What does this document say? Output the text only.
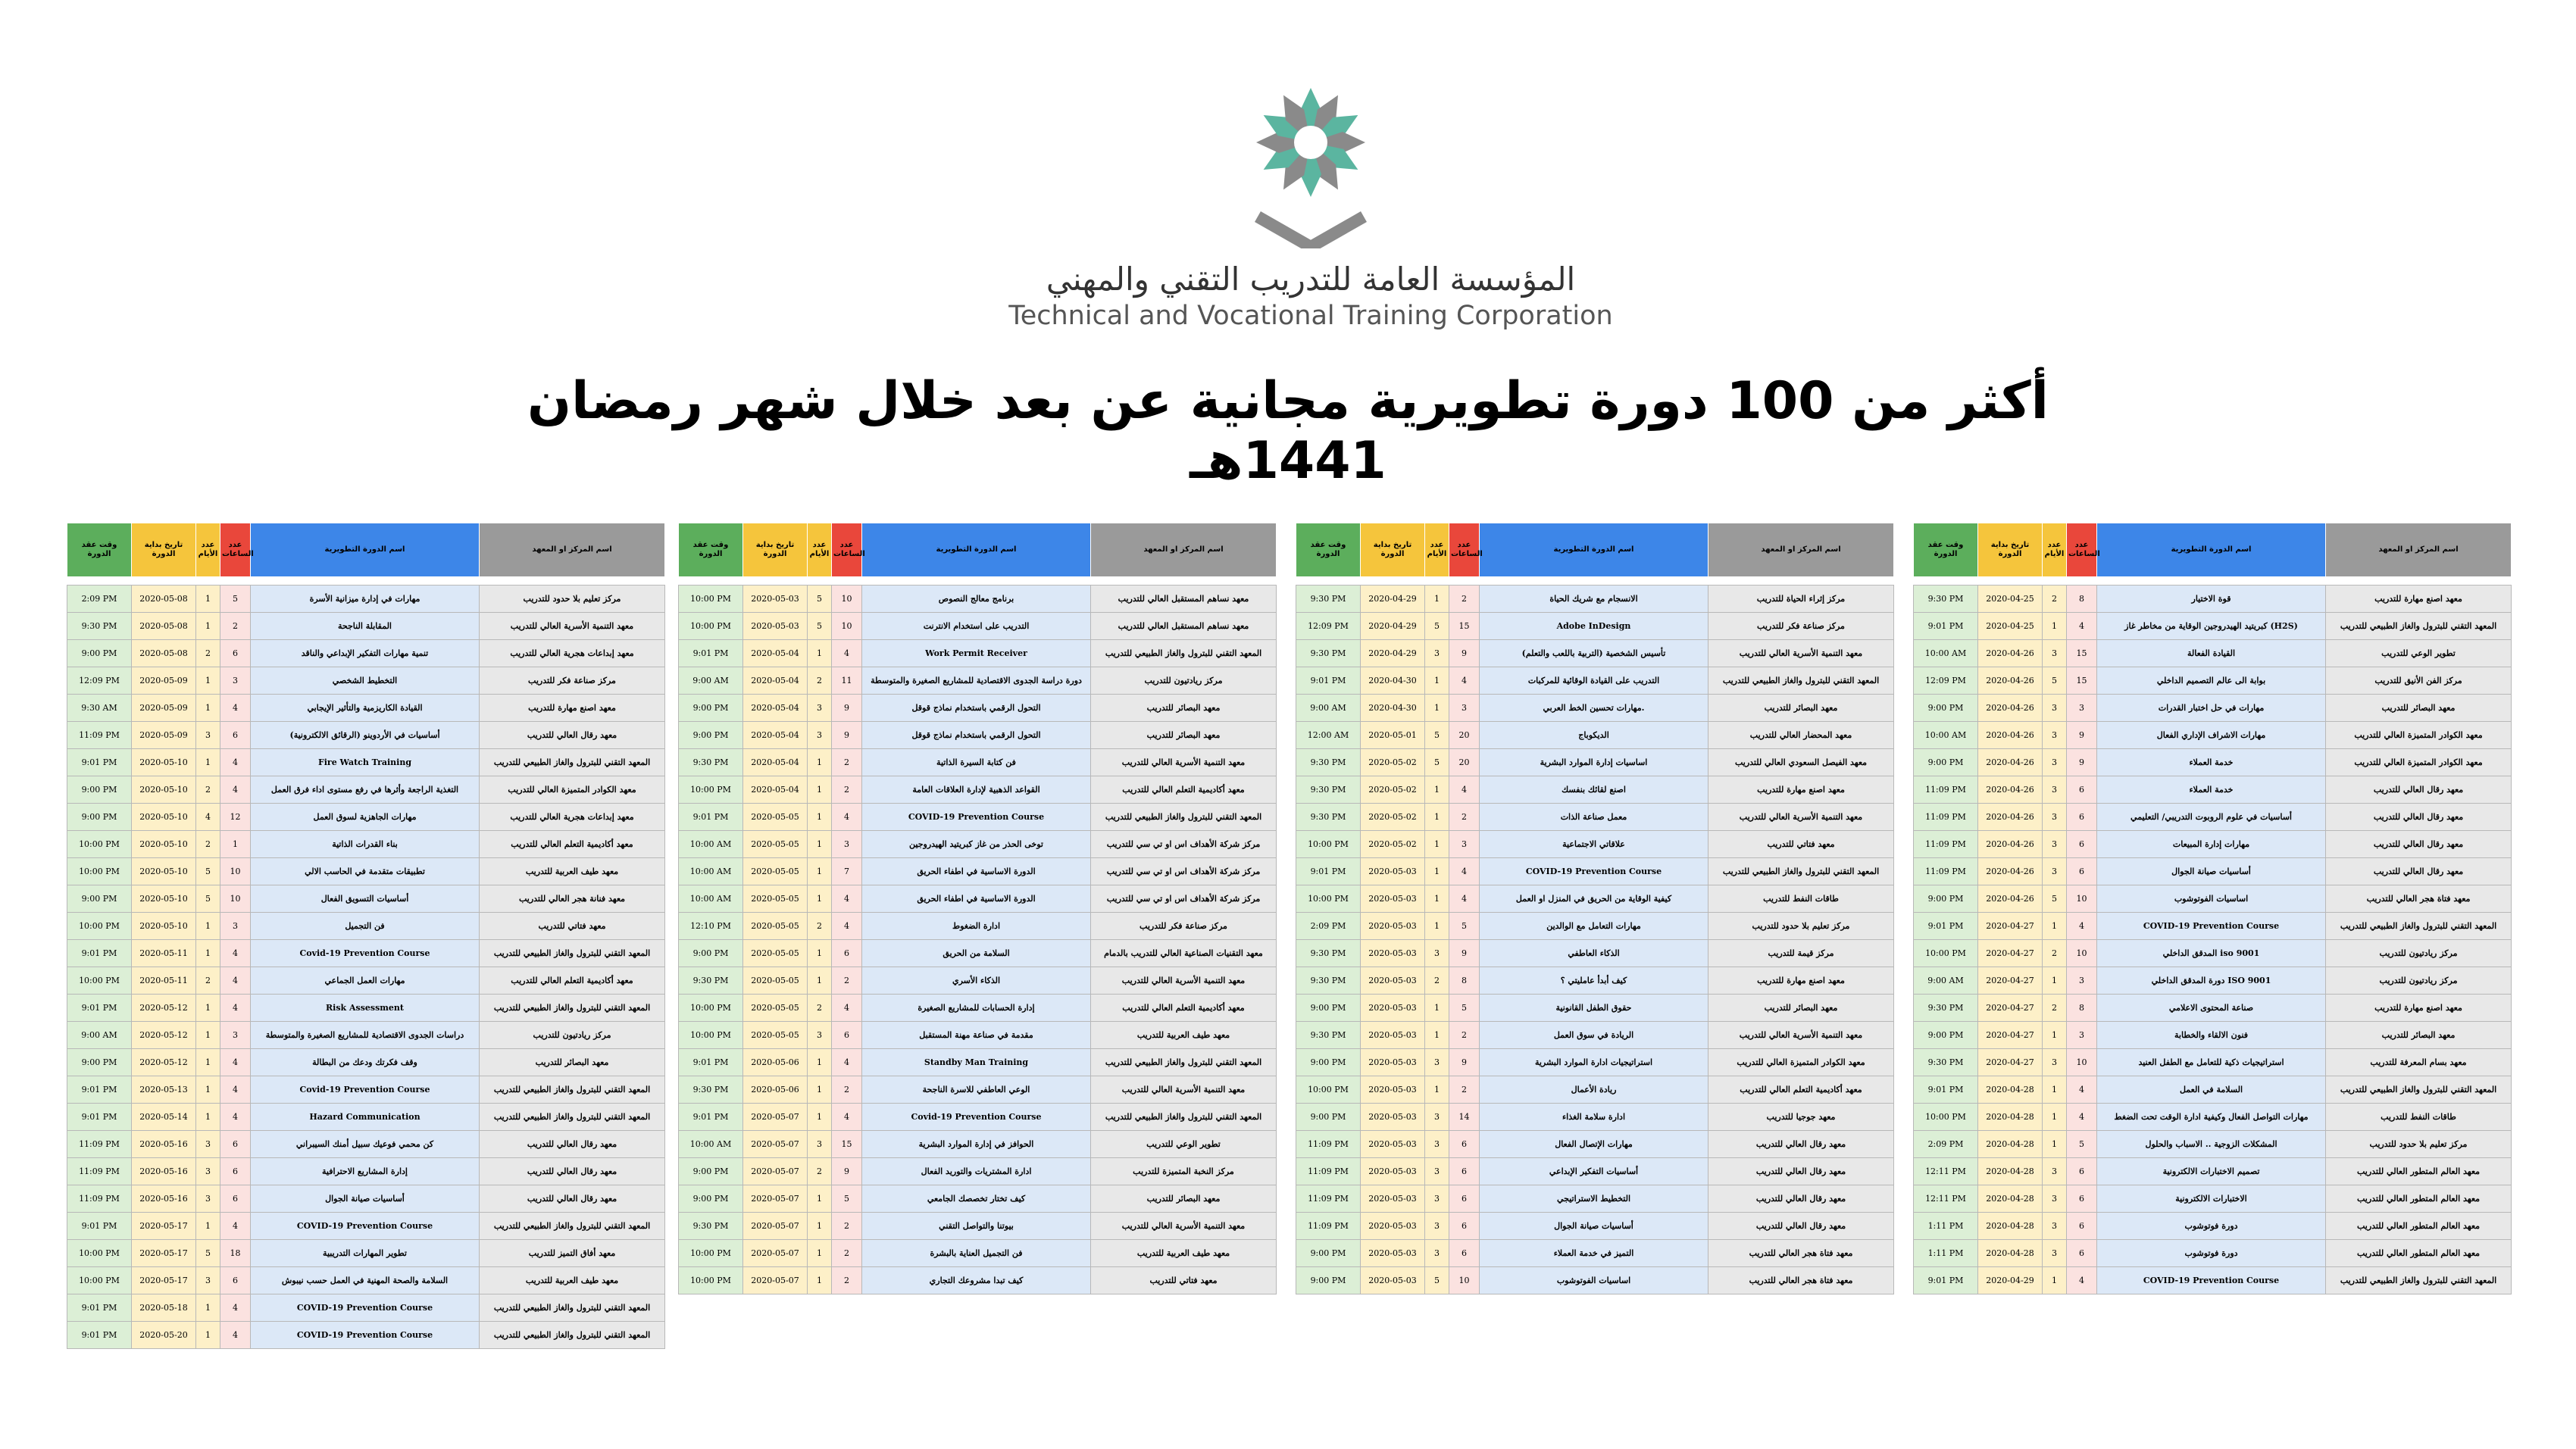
المؤسسة العامة للتدريب التقني والمهني
Technical and Vocational Training Corporation
أكثر من 100 دورة تطويرية مجانية عن بعد خلال شهر رمضان 1441هـ
وقت عقد الدورة	تاريخ بداية الدورة	عدد الأيام	عدد الساعات	اسم الدورة التطويرية	اسم المركز او المعهد

2:09 PM	2020-05-08	1	5	مهارات في إدارة ميزانية الأسرة	مركز تعليم بلا حدود للتدريب
9:30 PM	2020-05-08	1	2	المقابلة الناجحة	معهد التنمية الأسرية العالي للتدريب
9:00 PM	2020-05-08	2	6	تنمية مهارات التفكير الإبداعي والناقد	معهد إبداعات هجرية العالي للتدريب
12:09 PM	2020-05-09	1	3	التخطيط الشخصي	مركز صناعة فكر للتدريب
9:30 AM	2020-05-09	1	4	القيادة الكاريزمية والتأثير الإيجابي	معهد اصنع مهارة للتدريب
11:09 PM	2020-05-09	3	6	أساسيات في الأردوينو (الرقائق الالكترونية)	معهد رقال العالي للتدريب
9:01 PM	2020-05-10	1	4	Fire Watch Training	المعهد التقني للبترول والغاز الطبيعي للتدريب
9:00 PM	2020-05-10	2	4	التغذية الراجعة وأثرها في رفع مستوى اداء فرق العمل	معهد الكوادر المتميزة العالي للتدريب
9:00 PM	2020-05-10	4	12	مهارات الجاهزية لسوق العمل	معهد إبداعات هجرية العالي للتدريب
10:00 PM	2020-05-10	2	1	بناء القدرات الذاتية	معهد أكاديمية التعلم العالي للتدريب
10:00 PM	2020-05-10	5	10	تطبيقات متقدمة في الحاسب الالي	معهد طيف العربية للتدريب
9:00 PM	2020-05-10	5	10	أساسيات التسويق الفعال	معهد فنانة هجر العالي للتدريب
10:00 PM	2020-05-10	1	3	فن التجميل	معهد فتاتي للتدريب
9:01 PM	2020-05-11	1	4	Covid-19 Prevention Course	المعهد التقني للبترول والغاز الطبيعي للتدريب
10:00 PM	2020-05-11	2	4	مهارات العمل الجماعي	معهد أكاديمية التعلم العالي للتدريب
9:01 PM	2020-05-12	1	4	Risk Assessment	المعهد التقني للبترول والغاز الطبيعي للتدريب
9:00 AM	2020-05-12	1	3	دراسات الجدوى الاقتصادية للمشاريع الصغيرة والمتوسطة	مركز ريادتيون للتدريب
9:00 PM	2020-05-12	1	4	وقف فكرتك ودعك من البطالة	معهد البصائر للتدريب
9:01 PM	2020-05-13	1	4	Covid-19 Prevention Course	المعهد التقني للبترول والغاز الطبيعي للتدريب
9:01 PM	2020-05-14	1	4	Hazard Communication	المعهد التقني للبترول والغاز الطبيعي للتدريب
11:09 PM	2020-05-16	3	6	كن محمي فوعيك سبيل أمنك السيبراني	معهد رقال العالي للتدريب
11:09 PM	2020-05-16	3	6	إدارة المشاريع الاحترافية	معهد رقال العالي للتدريب
11:09 PM	2020-05-16	3	6	أساسيات صيانة الجوال	معهد رقال العالي للتدريب
9:01 PM	2020-05-17	1	4	COVID-19 Prevention Course	المعهد التقني للبترول والغاز الطبيعي للتدريب
10:00 PM	2020-05-17	5	18	تطوير المهارات التدريبية	معهد أفاق التميز للتدريب
10:00 PM	2020-05-17	3	6	السلامة والصحة المهنية في العمل حسب نيبوش	معهد طيف العربية للتدريب
9:01 PM	2020-05-18	1	4	COVID-19 Prevention Course	المعهد التقني للبترول والغاز الطبيعي للتدريب
9:01 PM	2020-05-20	1	4	COVID-19 Prevention Course	المعهد التقني للبترول والغاز الطبيعي للتدريب
وقت عقد الدورة	تاريخ بداية الدورة	عدد الأيام	عدد الساعات	اسم الدورة التطويرية	اسم المركز او المعهد

10:00 PM	2020-05-03	5	10	برنامج معالج النصوص	معهد نساهم المستقبل العالي للتدريب
10:00 PM	2020-05-03	5	10	التدريب على استخدام الانترنت	معهد نساهم المستقبل العالي للتدريب
9:01 PM	2020-05-04	1	4	Work Permit Receiver	المعهد التقني للبترول والغاز الطبيعي للتدريب
9:00 AM	2020-05-04	2	11	دورة دراسة الجدوى الاقتصادية للمشاريع الصغيرة والمتوسطة	مركز ريادتيون للتدريب
9:00 PM	2020-05-04	3	9	التحول الرقمي باستخدام نماذج قوقل	معهد البصائر للتدريب
9:00 PM	2020-05-04	3	9	التحول الرقمي باستخدام نماذج قوقل	معهد البصائر للتدريب
9:30 PM	2020-05-04	1	2	فن كتابة السيرة الذاتية	معهد التنمية الأسرية العالي للتدريب
10:00 PM	2020-05-04	1	2	القواعد الذهبية لإدارة العلاقات العامة	معهد أكاديمية التعلم العالي للتدريب
9:01 PM	2020-05-05	1	4	COVID-19 Prevention Course	المعهد التقني للبترول والغاز الطبيعي للتدريب
10:00 AM	2020-05-05	1	3	توخى الحذر من غاز كبريتيد الهيدروجين	مركز شركة الأهداف اس او تي سي للتدريب
10:00 AM	2020-05-05	1	7	الدورة الاساسية في اطفاء الحريق	مركز شركة الأهداف اس او تي سي للتدريب
10:00 AM	2020-05-05	1	4	الدورة الاساسية في اطفاء الحريق	مركز شركة الأهداف اس او تي سي للتدريب
12:10 PM	2020-05-05	2	4	ادارة الضغوط	مركز صناعة فكر للتدريب
9:00 PM	2020-05-05	1	6	السلامة من الحريق	معهد التقنيات الصناعية العالي للتدريب بالدمام
9:30 PM	2020-05-05	1	2	الذكاء الأسري	معهد التنمية الأسرية العالي للتدريب
10:00 PM	2020-05-05	2	4	إدارة الحسابات للمشاريع الصغيرة	معهد أكاديمية التعلم العالي للتدريب
10:00 PM	2020-05-05	3	6	مقدمة في صناعة مهنة المستقبل	معهد طيف العربية للتدريب
9:01 PM	2020-05-06	1	4	Standby Man Training	المعهد التقني للبترول والغاز الطبيعي للتدريب
9:30 PM	2020-05-06	1	2	الوعي العاطفي للاسرة الناجحة	معهد التنمية الأسرية العالي للتدريب
9:01 PM	2020-05-07	1	4	Covid-19 Prevention Course	المعهد التقني للبترول والغاز الطبيعي للتدريب
10:00 AM	2020-05-07	3	15	الحوافز في إدارة الموارد البشرية	تطوير الوعي للتدريب
9:00 PM	2020-05-07	2	9	ادارة المشتريات والتوريد الفعال	مركز النخبة المتميزة للتدريب
9:00 PM	2020-05-07	1	5	كيف تختار تخصصك الجامعي	معهد البصائر للتدريب
9:30 PM	2020-05-07	1	2	بيوتنا والتواصل التقني	معهد التنمية الأسرية العالي للتدريب
10:00 PM	2020-05-07	1	2	فن التجميل العناية بالبشرة	معهد طيف العربية للتدريب
10:00 PM	2020-05-07	1	2	كيف تبدا مشروعك التجاري	معهد فتاتي للتدريب
وقت عقد الدورة	تاريخ بداية الدورة	عدد الأيام	عدد الساعات	اسم الدورة التطويرية	اسم المركز او المعهد

9:30 PM	2020-04-29	1	2	الانسجام مع شريك الحياة	مركز إثراء الحياة للتدريب
12:09 PM	2020-04-29	5	15	Adobe InDesign	مركز صناعة فكر للتدريب
9:30 PM	2020-04-29	3	9	تأسيس الشخصية (التربية باللعب والتعلم)	معهد التنمية الأسرية العالي للتدريب
9:01 PM	2020-04-30	1	4	التدريب على القيادة الوقائية للمركبات	المعهد التقني للبترول والغاز الطبيعي للتدريب
9:00 AM	2020-04-30	1	3	مهارات تحسين الخط العربي.	معهد البصائر للتدريب
12:00 AM	2020-05-01	5	20	الديكوباج	معهد المحضار العالي للتدريب
9:30 PM	2020-05-02	5	20	اساسيات إدارة الموارد البشرية	معهد الفيصل السعودي العالي للتدريب
9:30 PM	2020-05-02	1	4	اصنع لقائك بنفسك	معهد اصنع مهارة للتدريب
9:30 PM	2020-05-02	1	2	معمل صناعة الذات	معهد التنمية الأسرية العالي للتدريب
10:00 PM	2020-05-02	1	3	علاقاتي الاجتماعية	معهد فتاتي للتدريب
9:01 PM	2020-05-03	1	4	COVID-19 Prevention Course	المعهد التقني للبترول والغاز الطبيعي للتدريب
10:00 PM	2020-05-03	1	4	كيفية الوقاية من الحريق في المنزل او العمل	طاقات النفط للتدريب
2:09 PM	2020-05-03	1	5	مهارات التعامل مع الوالدين	مركز تعليم بلا حدود للتدريب
9:30 PM	2020-05-03	3	9	الذكاء العاطفي	مركز قيمة للتدريب
9:30 PM	2020-05-03	2	8	كيف أبدأ عامليتي ؟	معهد اصنع مهارة للتدريب
9:00 PM	2020-05-03	1	5	حقوق الطفل القانونية	معهد البصائر للتدريب
9:30 PM	2020-05-03	1	2	الريادة في سوق العمل	معهد التنمية الأسرية العالي للتدريب
9:00 PM	2020-05-03	3	9	استراتيجيات ادارة الموارد البشرية	معهد الكوادر المتميزة العالي للتدريب
10:00 PM	2020-05-03	1	2	ريادة الأعمال	معهد أكاديمية التعلم العالي للتدريب
9:00 PM	2020-05-03	3	14	ادارة سلامة الغذاء	معهد جوجيا للتدريب
11:09 PM	2020-05-03	3	6	مهارات الإتصال الفعال	معهد رقال العالي للتدريب
11:09 PM	2020-05-03	3	6	أساسيات التفكير الإبداعي	معهد رقال العالي للتدريب
11:09 PM	2020-05-03	3	6	التخطيط الاستراتيجي	معهد رقال العالي للتدريب
11:09 PM	2020-05-03	3	6	أساسيات صيانة الجوال	معهد رقال العالي للتدريب
9:00 PM	2020-05-03	3	6	التميز في خدمة العملاء	معهد فتاة هجر العالي للتدريب
9:00 PM	2020-05-03	5	10	اساسيات الفوتوشوب	معهد فتاة هجر العالي للتدريب
وقت عقد الدورة	تاريخ بداية الدورة	عدد الأيام	عدد الساعات	اسم الدورة التطويرية	اسم المركز او المعهد

9:30 PM	2020-04-25	2	8	قوة الاختيار	معهد اصنع مهارة للتدريب
9:01 PM	2020-04-25	1	4	كبريتيد الهيدروجين الوقاية من مخاطر غاز (H2S)	المعهد التقني للبترول والغاز الطبيعي للتدريب
10:00 AM	2020-04-26	3	15	القيادة الفعالة	تطوير الوعي للتدريب
12:09 PM	2020-04-26	5	15	بوابة الى عالم التصميم الداخلي	مركز الفن الأنيق للتدريب
9:00 PM	2020-04-26	3	3	مهارات في حل اختبار القدرات	معهد البصائر للتدريب
10:00 AM	2020-04-26	3	9	مهارات الاشراف الإداري الفعال	معهد الكوادر المتميزة العالي للتدريب
9:00 PM	2020-04-26	3	9	خدمة العملاء	معهد الكوادر المتميزة العالي للتدريب
11:09 PM	2020-04-26	3	6	خدمة العملاء	معهد رقال العالي للتدريب
11:09 PM	2020-04-26	3	6	أساسيات في علوم الروبوت التدريبي/ التعليمي	معهد رقال العالي للتدريب
11:09 PM	2020-04-26	3	6	مهارات إدارة المبيعات	معهد رقال العالي للتدريب
11:09 PM	2020-04-26	3	6	أساسيات صيانة الجوال	معهد رقال العالي للتدريب
9:00 PM	2020-04-26	5	10	اساسيات الفوتوشوب	معهد فتاة هجر العالي للتدريب
9:01 PM	2020-04-27	1	4	COVID-19 Prevention Course	المعهد التقني للبترول والغاز الطبيعي للتدريب
10:00 PM	2020-04-27	2	10	المدقق الداخلي iso 9001	مركز ريادتيون للتدريب
9:00 AM	2020-04-27	1	3	دورة المدقق الداخلي ISO 9001	مركز ريادتيون للتدريب
9:30 PM	2020-04-27	2	8	صناعة المحتوى الاعلامي	معهد اصنع مهارة للتدريب
9:00 PM	2020-04-27	1	3	فنون الالقاء والخطابة	معهد البصائر للتدريب
9:30 PM	2020-04-27	3	10	استراتيجيات ذكية للتعامل مع الطفل العنيد	معهد بسام المعرفة للتدريب
9:01 PM	2020-04-28	1	4	السلامة في العمل	المعهد التقني للبترول والغاز الطبيعي للتدريب
10:00 PM	2020-04-28	1	4	مهارات التواصل الفعال وكيفية ادارة الوقت تحت الضغط	طاقات النفط للتدريب
2:09 PM	2020-04-28	1	5	المشكلات الزوجية .. الاسباب والحلول	مركز تعليم بلا حدود للتدريب
12:11 PM	2020-04-28	3	6	تصميم الاختبارات الالكترونية	معهد العالم المتطور العالي للتدريب
12:11 PM	2020-04-28	3	6	الاختبارات الالكترونية	معهد العالم المتطور العالي للتدريب
1:11 PM	2020-04-28	3	6	دورة فوتوشوب	معهد العالم المتطور العالي للتدريب
1:11 PM	2020-04-28	3	6	دورة فوتوشوب	معهد العالم المتطور العالي للتدريب
9:01 PM	2020-04-29	1	4	COVID-19 Prevention Course	المعهد التقني للبترول والغاز الطبيعي للتدريب
